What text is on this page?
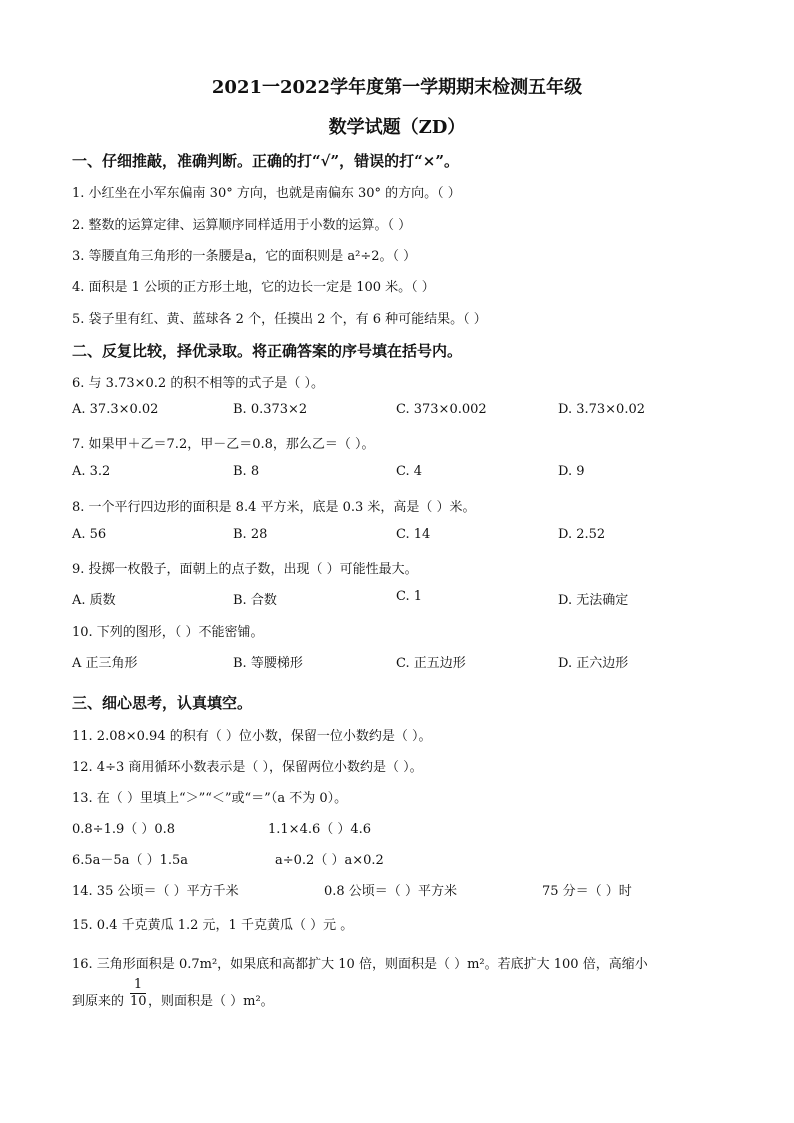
2021一2022学年度第一学期期末检测五年级
数学试题（ZD）

一、仔细推敲，准确判断。正确的打“√”，错误的打“×”。

1. 小红坐在小军东偏南 30° 方向，也就是南偏东 30° 的方向。（ ）

2. 整数的运算定律、运算顺序同样适用于小数的运算。（ ）

3. 等腰直角三角形的一条腰是a，它的面积则是 a²÷2。（ ）

4. 面积是 1 公顷的正方形土地，它的边长一定是 100 米。（ ）

5. 袋子里有红、黄、蓝球各 2 个，任摸出 2 个，有 6 种可能结果。（ ）

二、反复比较，择优录取。将正确答案的序号填在括号内。

6. 与 3.73×0.2 的积不相等的式子是（ ）。

A. 37.3×0.02	B. 0.373×2	C. 373×0.002	D. 3.73×0.02

7. 如果甲＋乙＝7.2，甲－乙＝0.8，那么乙＝（ ）。

A. 3.2	B. 8	C. 4	D. 9

8. 一个平行四边形的面积是 8.4 平方米，底是 0.3 米，高是（ ）米。

A. 56	B. 28	C. 14	D. 2.52

9. 投掷一枚骰子，面朝上的点子数，出现（ ）可能性最大。

A. 质数	B. 合数	C. 1	D. 无法确定

10. 下列的图形，（ ）不能密铺。

A 正三角形	B. 等腰梯形	C. 正五边形	D. 正六边形

三、细心思考，认真填空。

11. 2.08×0.94 的积有（ ）位小数，保留一位小数约是（ ）。

12. 4÷3 商用循环小数表示是（ ），保留两位小数约是（ ）。

13. 在（ ）里填上“＞”“＜”或“＝”（a 不为 0）。

0.8÷1.9（ ）0.8	1.1×4.6（ ）4.6
6.5a－5a（ ）1.5a	a÷0.2（ ）a×0.2
14. 35 公顷＝（ ）平方千米	0.8 公顷＝（ ）平方米	75 分＝（ ）时

15. 0.4 千克黄瓜 1.2 元，1 千克黄瓜（ ）元 。

16. 三角形面积是 0.7m²，如果底和高都扩大 10 倍，则面积是（ ）m²。若底扩大 100 倍，高缩小

到原来的 $\frac{1}{10}$ ，则面积是（ ）m²。
